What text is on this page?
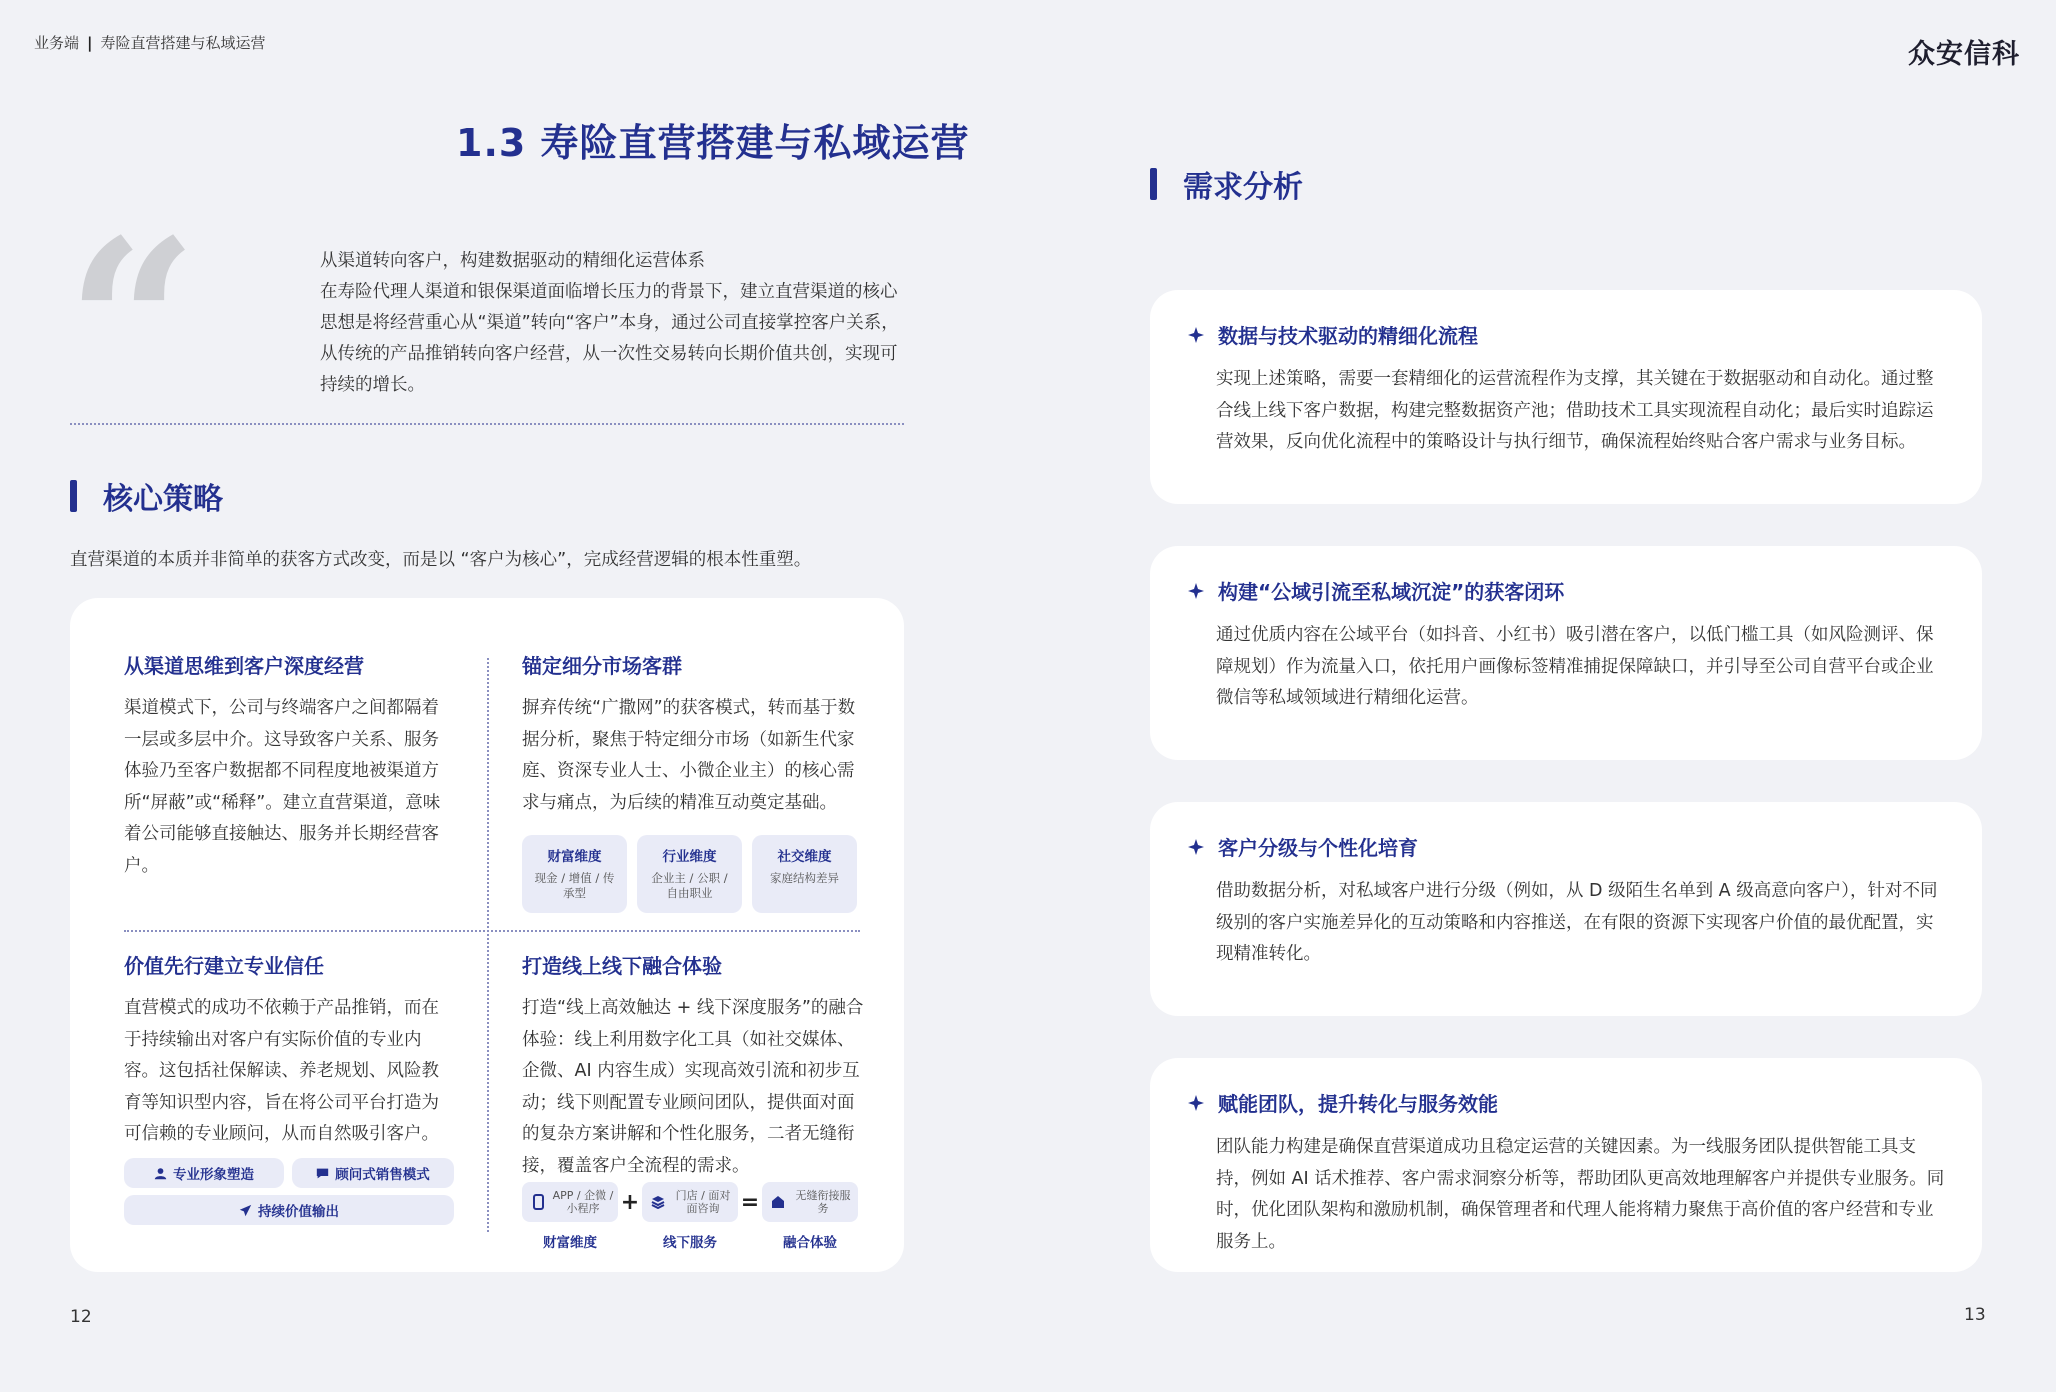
业务端 | 寿险直营搭建与私域运营
1.3 寿险直营搭建与私域运营
“	从渠道转向客户，构建数据驱动的精细化运营体系
在寿险代理人渠道和银保渠道面临增长压力的背景下，建立直营渠道的核心思想是将经营重心从“渠道”转向“客户”本身，通过公司直接掌控客户关系，从传统的产品推销转向客户经营，从一次性交易转向长期价值共创，实现可持续的增长。
核心策略
直营渠道的本质并非简单的获客方式改变，而是以 “客户为核心”，完成经营逻辑的根本性重塑。
从渠道思维到客户深度经营

渠道模式下，公司与终端客户之间都隔着一层或多层中介。这导致客户关系、服务体验乃至客户数据都不同程度地被渠道方所“屏蔽”或“稀释”。建立直营渠道，意味着公司能够直接触达、服务并长期经营客户。

锚定细分市场客群

摒弃传统“广撒网”的获客模式，转而基于数据分析，聚焦于特定细分市场（如新生代家庭、资深专业人士、小微企业主）的核心需求与痛点，为后续的精准互动奠定基础。

财富维度
现金 / 增值 / 传承型
行业维度
企业主 / 公职 / 自由职业
社交维度
家庭结构差异
价值先行建立专业信任

直营模式的成功不依赖于产品推销，而在于持续输出对客户有实际价值的专业内容。这包括社保解读、养老规划、风险教育等知识型内容，旨在将公司平台打造为可信赖的专业顾问，从而自然吸引客户。

专业形象塑造	顾问式销售模式
持续价值输出
打造线上线下融合体验

打造“线上高效触达 + 线下深度服务”的融合体验：线上利用数字化工具（如社交媒体、企微、AI 内容生成）实现高效引流和初步互动；线下则配置专业顾问团队，提供面对面的复杂方案讲解和个性化服务，二者无缝衔接，覆盖客户全流程的需求。

APP / 企微 / 小程序 +	门店 / 面对面咨询 =	无缝衔接服务
财富维度	线下服务	融合体验
12
众安信科
需求分析
数据与技术驱动的精细化流程

实现上述策略，需要一套精细化的运营流程作为支撑，其关键在于数据驱动和自动化。通过整合线上线下客户数据，构建完整数据资产池；借助技术工具实现流程自动化；最后实时追踪运营效果，反向优化流程中的策略设计与执行细节，确保流程始终贴合客户需求与业务目标。

构建“公域引流至私域沉淀”的获客闭环

通过优质内容在公域平台（如抖音、小红书）吸引潜在客户，以低门槛工具（如风险测评、保障规划）作为流量入口，依托用户画像标签精准捕捉保障缺口，并引导至公司自营平台或企业微信等私域领域进行精细化运营。

客户分级与个性化培育

借助数据分析，对私域客户进行分级（例如，从 D 级陌生名单到 A 级高意向客户），针对不同级别的客户实施差异化的互动策略和内容推送，在有限的资源下实现客户价值的最优配置，实现精准转化。

赋能团队，提升转化与服务效能

团队能力构建是确保直营渠道成功且稳定运营的关键因素。为一线服务团队提供智能工具支持，例如 AI 话术推荐、客户需求洞察分析等，帮助团队更高效地理解客户并提供专业服务。同时，优化团队架构和激励机制，确保管理者和代理人能将精力聚焦于高价值的客户经营和专业服务上。

13
